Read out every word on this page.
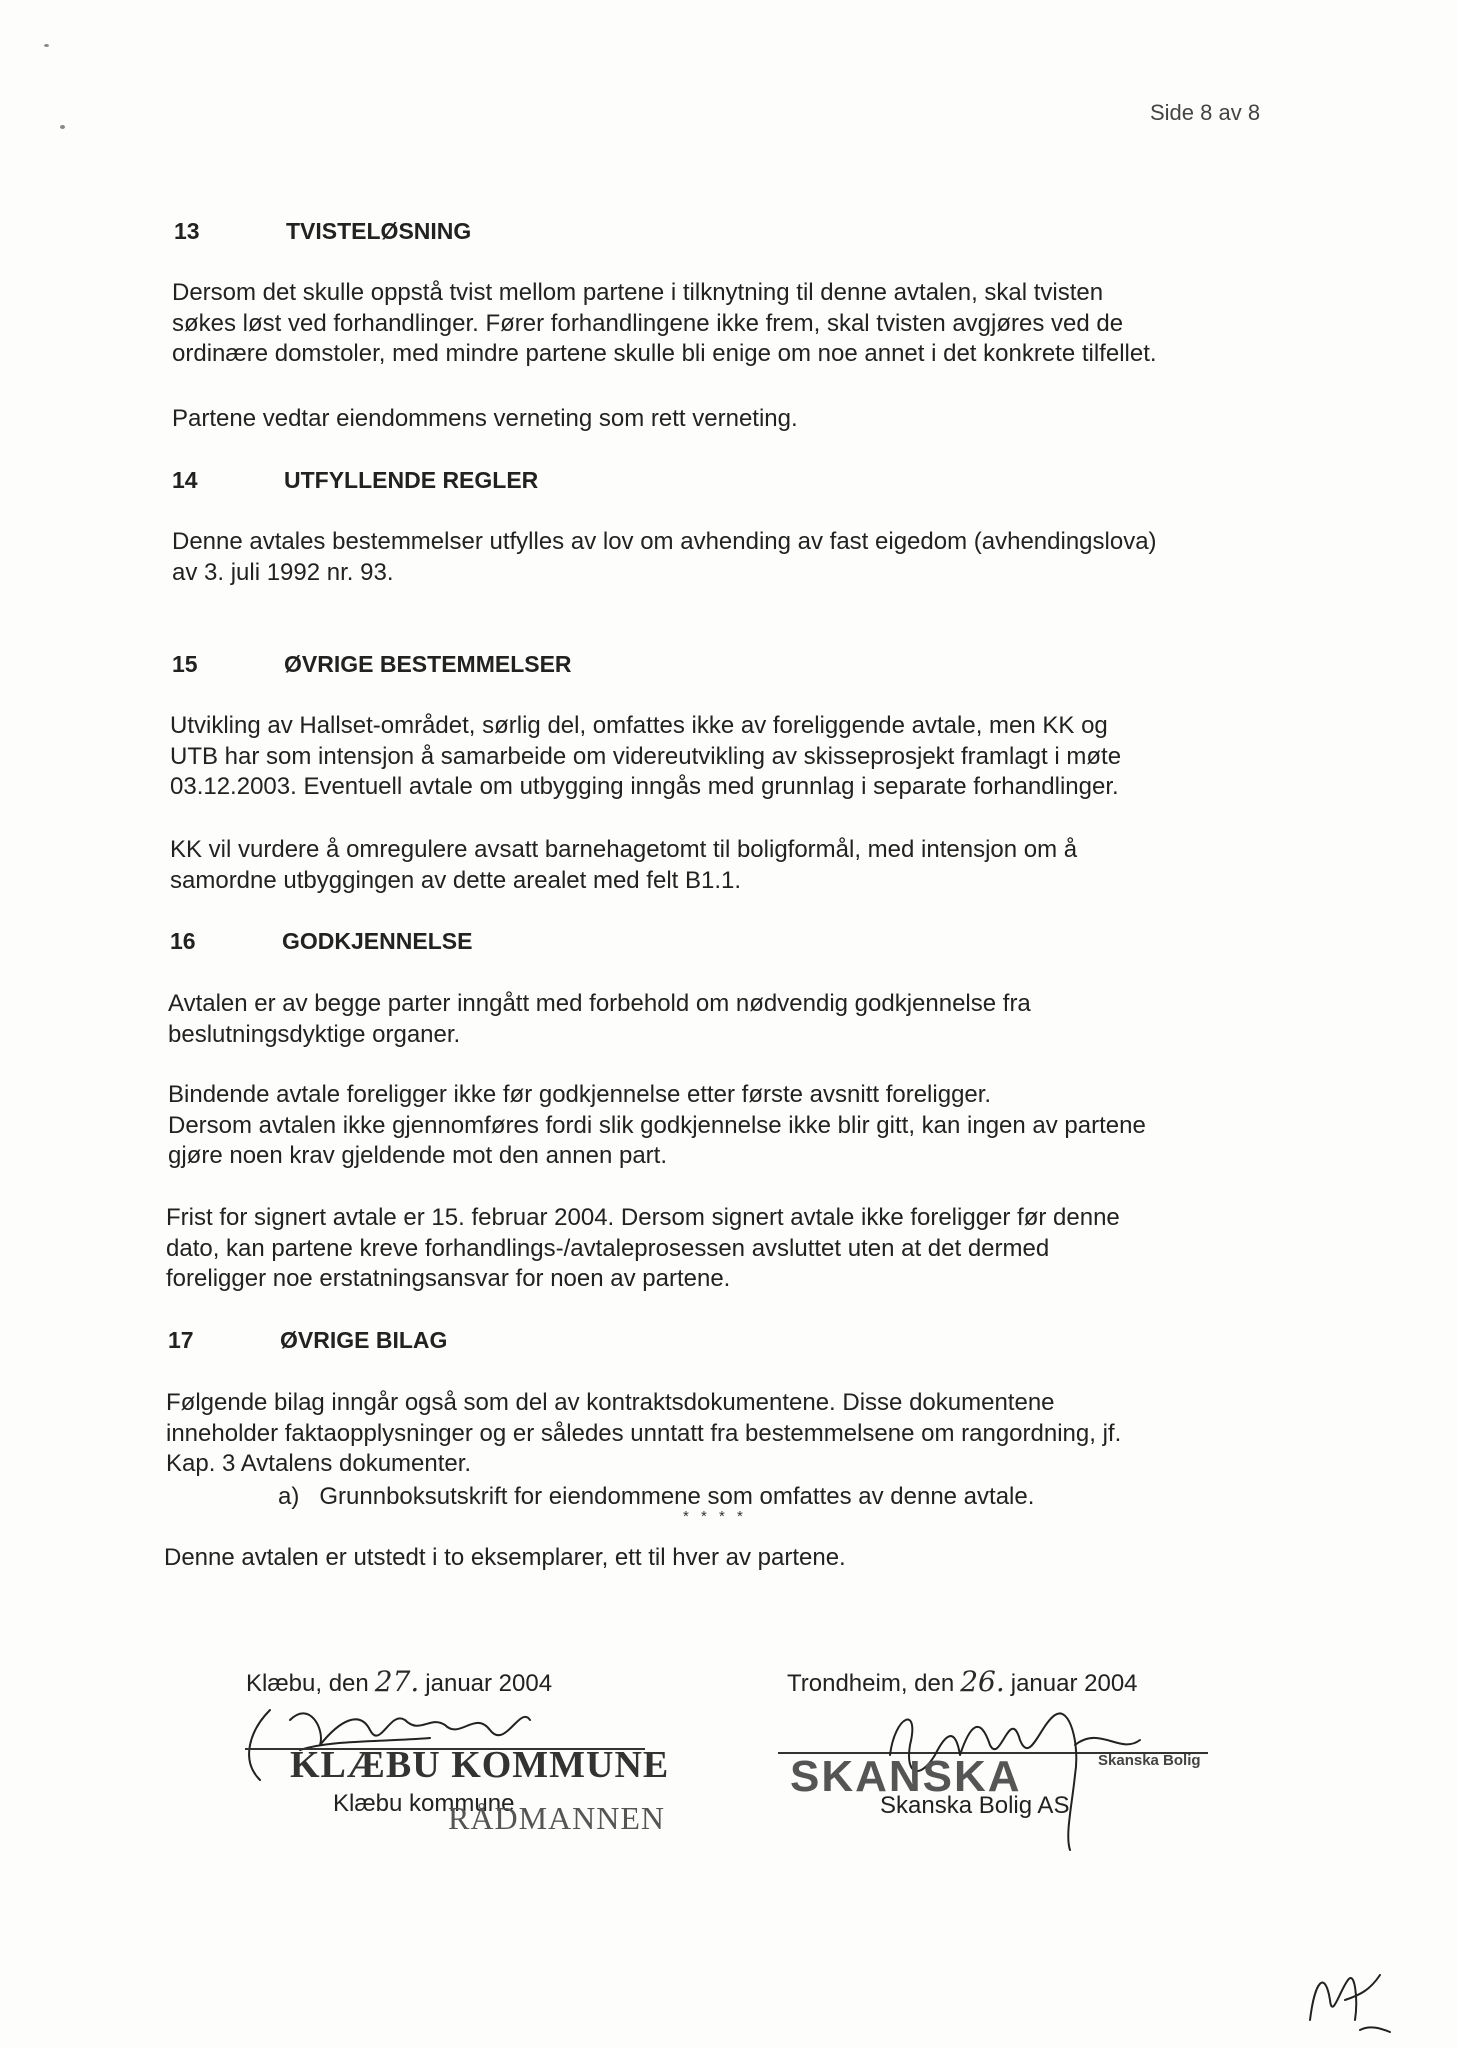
Side 8 av 8
13	TVISTELØSNING

Dersom det skulle oppstå tvist mellom partene i tilknytning til denne avtalen, skal tvisten
søkes løst ved forhandlinger. Fører forhandlingene ikke frem, skal tvisten avgjøres ved de
ordinære domstoler, med mindre partene skulle bli enige om noe annet i det konkrete tilfellet.

Partene vedtar eiendommens verneting som rett verneting.

14	UTFYLLENDE REGLER

Denne avtales bestemmelser utfylles av lov om avhending av fast eigedom (avhendingslova)
av 3. juli 1992 nr. 93.

15	ØVRIGE BESTEMMELSER

Utvikling av Hallset-området, sørlig del, omfattes ikke av foreliggende avtale, men KK og
UTB har som intensjon å samarbeide om videreutvikling av skisseprosjekt framlagt i møte
03.12.2003. Eventuell avtale om utbygging inngås med grunnlag i separate forhandlinger.

KK vil vurdere å omregulere avsatt barnehagetomt til boligformål, med intensjon om å
samordne utbyggingen av dette arealet med felt B1.1.

16	GODKJENNELSE

Avtalen er av begge parter inngått med forbehold om nødvendig godkjennelse fra
beslutningsdyktige organer.

Bindende avtale foreligger ikke før godkjennelse etter første avsnitt foreligger.
Dersom avtalen ikke gjennomføres fordi slik godkjennelse ikke blir gitt, kan ingen av partene
gjøre noen krav gjeldende mot den annen part.

Frist for signert avtale er 15. februar 2004. Dersom signert avtale ikke foreligger før denne
dato, kan partene kreve forhandlings-/avtaleprosessen avsluttet uten at det dermed
foreligger noe erstatningsansvar for noen av partene.

17	ØVRIGE BILAG

Følgende bilag inngår også som del av kontraktsdokumentene. Disse dokumentene
inneholder faktaopplysninger og er således unntatt fra bestemmelsene om rangordning, jf.
Kap. 3 Avtalens dokumenter.

a) Grunnboksutskrift for eiendommene som omfattes av denne avtale.
* * * *
Denne avtalen er utstedt i to eksemplarer, ett til hver av partene.
Klæbu, den 27. januar 2004
KLÆBU KOMMUNE
Klæbu kommune
RÅDMANNEN
Trondheim, den 26. januar 2004
SKANSKA	Skanska Bolig
Skanska Bolig AS
